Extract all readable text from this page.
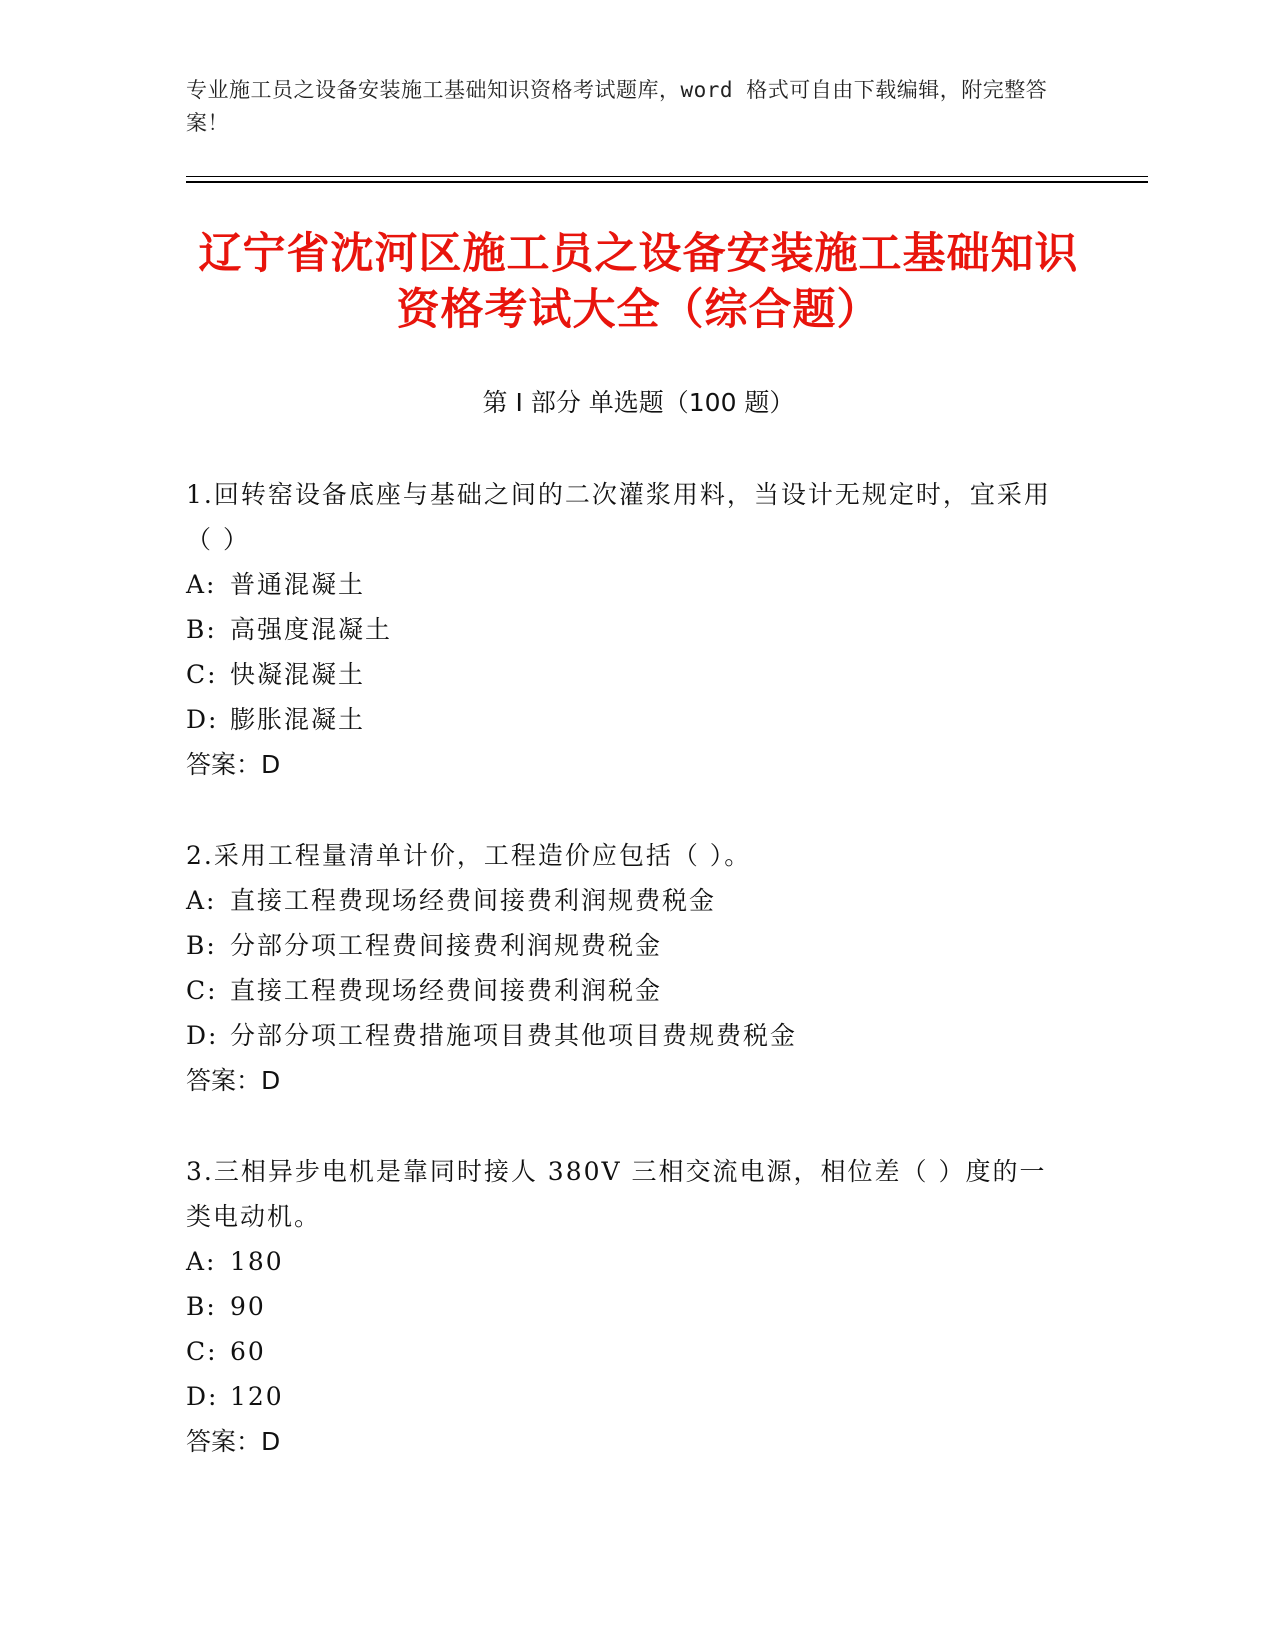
专业施工员之设备安装施工基础知识资格考试题库，word 格式可自由下载编辑，附完整答案！
辽宁省沈河区施工员之设备安装施工基础知识资格考试大全（综合题）
第 I 部分 单选题（100 题）
1.回转窑设备底座与基础之间的二次灌浆用料，当设计无规定时，宜采用（ ）
A: 普通混凝土
B: 高强度混凝土
C: 快凝混凝土
D: 膨胀混凝土
答案：D
2.采用工程量清单计价，工程造价应包括（ ）。
A: 直接工程费现场经费间接费利润规费税金
B: 分部分项工程费间接费利润规费税金
C: 直接工程费现场经费间接费利润税金
D: 分部分项工程费措施项目费其他项目费规费税金
答案：D
3.三相异步电机是靠同时接人 380V 三相交流电源，相位差（ ）度的一类电动机。
A: 180
B: 90
C: 60
D: 120
答案：D
